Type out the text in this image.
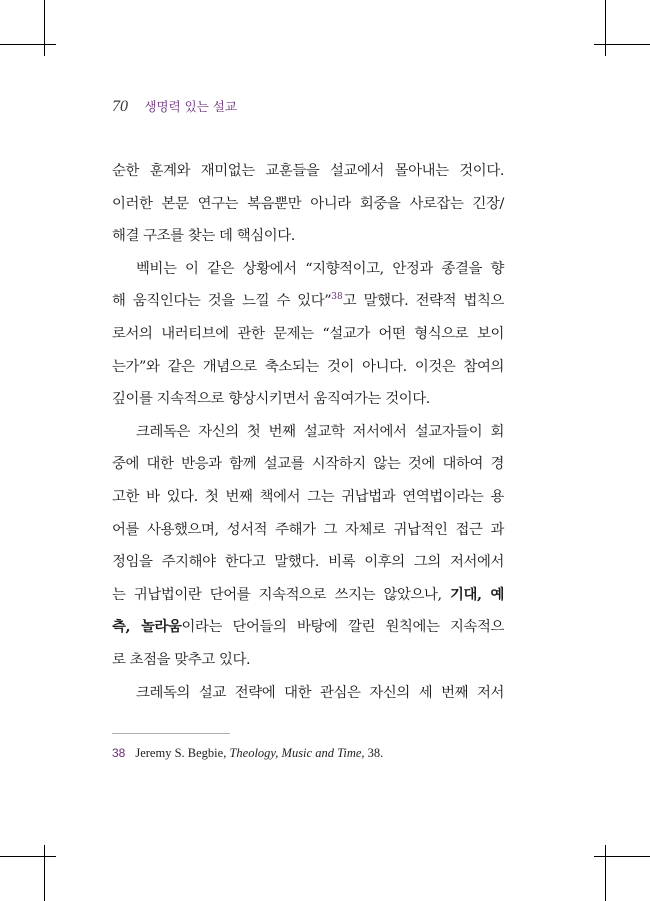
70 생명력 있는 설교
순한 훈계와 재미없는 교훈들을 설교에서 몰아내는 것이다.
이러한 본문 연구는 복음뿐만 아니라 회중을 사로잡는 긴장/
해결 구조를 찾는 데 핵심이다.
벡비는 이 같은 상황에서 “지향적이고, 안정과 종결을 향
해 움직인다는 것을 느낄 수 있다”$^{38}$고 말했다. 전략적 법칙으
로서의 내러티브에 관한 문제는 “설교가 어떤 형식으로 보이
는가”와 같은 개념으로 축소되는 것이 아니다. 이것은 참여의
깊이를 지속적으로 향상시키면서 움직여가는 것이다.
크레독은 자신의 첫 번째 설교학 저서에서 설교자들이 회
중에 대한 반응과 함께 설교를 시작하지 않는 것에 대하여 경
고한 바 있다. 첫 번째 책에서 그는 귀납법과 연역법이라는 용
어를 사용했으며, 성서적 주해가 그 자체로 귀납적인 접근 과
정임을 주지해야 한다고 말했다. 비록 이후의 그의 저서에서
는 귀납법이란 단어를 지속적으로 쓰지는 않았으나, 기대, 예
측, 놀라움이라는 단어들의 바탕에 깔린 원칙에는 지속적으
로 초점을 맞추고 있다.
크레독의 설교 전략에 대한 관심은 자신의 세 번째 저서
38 Jeremy S. Begbie, Theology, Music and Time, 38.
